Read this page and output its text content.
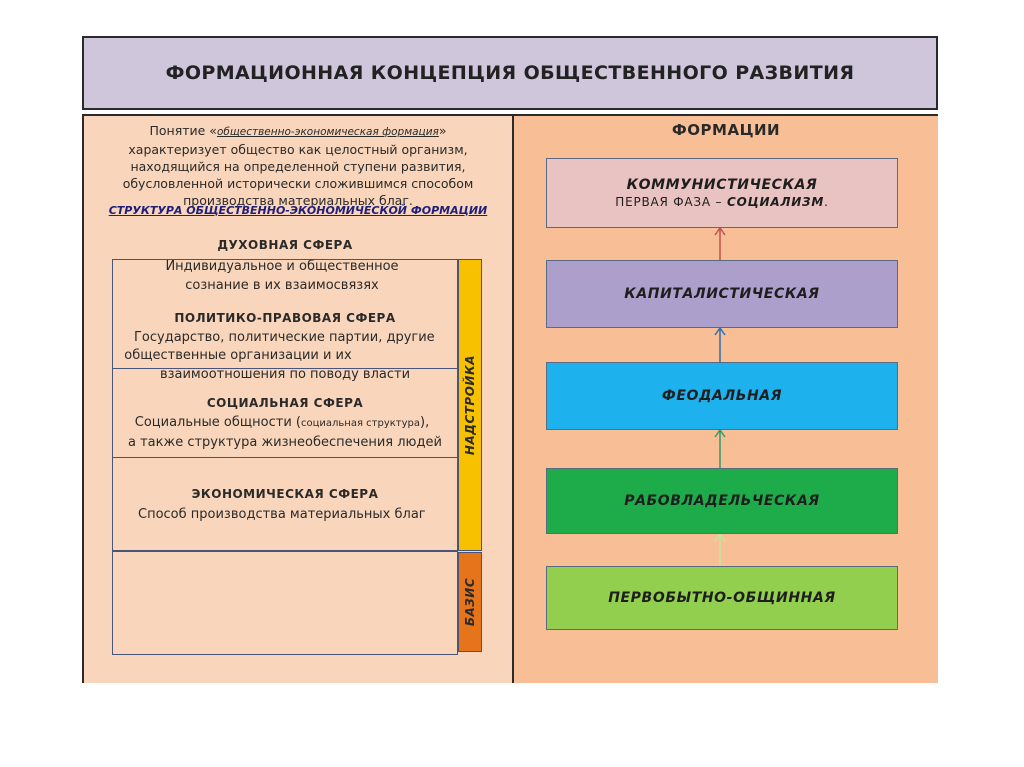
ФОРМАЦИОННАЯ КОНЦЕПЦИЯ ОБЩЕСТВЕННОГО РАЗВИТИЯ
Понятие «общественно-экономическая формация»
характеризует общество как целостный организм,
находящийся на определенной ступени развития,
обусловленной исторически сложившимся способом
производства материальных благ.
СТРУКТУРА ОБЩЕСТВЕННО-ЭКОНОМИЧЕСКОЙ ФОРМАЦИИ
ДУХОВНАЯ СФЕРА
Индивидуальное и общественное
сознание в их взаимосвязях
ПОЛИТИКО-ПРАВОВАЯ СФЕРА
Государство, политические партии, другие
общественные организации и их
взаимоотношения по поводу власти
СОЦИАЛЬНАЯ СФЕРА
Социальные общности (социальная структура),
а также структура жизнеобеспечения людей
ЭКОНОМИЧЕСКАЯ СФЕРА
Способ производства материальных благ
НАДСТРОЙКА
БАЗИС
ФОРМАЦИИ
КОММУНИСТИЧЕСКАЯ
ПЕРВАЯ ФАЗА – СОЦИАЛИЗМ.
КАПИТАЛИСТИЧЕСКАЯ
ФЕОДАЛЬНАЯ
РАБОВЛАДЕЛЬЧЕСКАЯ
ПЕРВОБЫТНО-ОБЩИННАЯ
